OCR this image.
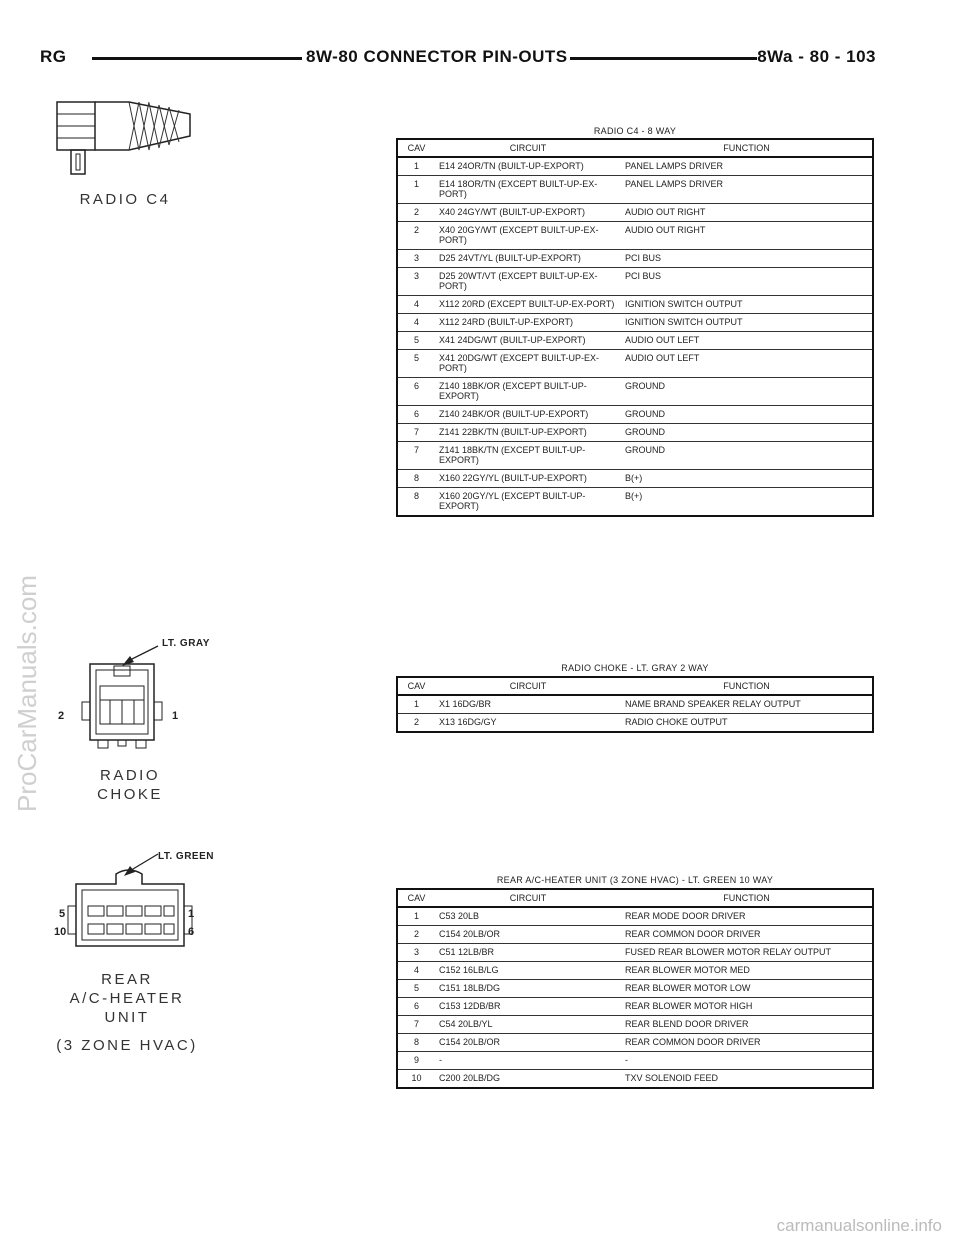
RG	8W-80 CONNECTOR PIN-OUTS	8Wa - 80 - 103
ProCarManuals.com
carmanualsonline.info
RADIO C4
RADIO C4 - 8 WAY
CAV	CIRCUIT	FUNCTION
1	E14 24OR/TN (BUILT-UP-EXPORT)	PANEL LAMPS DRIVER
1	E14 18OR/TN (EXCEPT BUILT-UP-EX-PORT)	PANEL LAMPS DRIVER
2	X40 24GY/WT (BUILT-UP-EXPORT)	AUDIO OUT RIGHT
2	X40 20GY/WT (EXCEPT BUILT-UP-EX-PORT)	AUDIO OUT RIGHT
3	D25 24VT/YL (BUILT-UP-EXPORT)	PCI BUS
3	D25 20WT/VT (EXCEPT BUILT-UP-EX-PORT)	PCI BUS
4	X112 20RD (EXCEPT BUILT-UP-EX-PORT)	IGNITION SWITCH OUTPUT
4	X112 24RD (BUILT-UP-EXPORT)	IGNITION SWITCH OUTPUT
5	X41 24DG/WT (BUILT-UP-EXPORT)	AUDIO OUT LEFT
5	X41 20DG/WT (EXCEPT BUILT-UP-EX-PORT)	AUDIO OUT LEFT
6	Z140 18BK/OR (EXCEPT BUILT-UP-EXPORT)	GROUND
6	Z140 24BK/OR (BUILT-UP-EXPORT)	GROUND
7	Z141 22BK/TN (BUILT-UP-EXPORT)	GROUND
7	Z141 18BK/TN (EXCEPT BUILT-UP-EXPORT)	GROUND
8	X160 22GY/YL (BUILT-UP-EXPORT)	B(+)
8	X160 20GY/YL (EXCEPT BUILT-UP-EXPORT)	B(+)
LT. GRAY
2	1
RADIO
CHOKE
RADIO CHOKE - LT. GRAY 2 WAY
CAV	CIRCUIT	FUNCTION
1	X1 16DG/BR	NAME BRAND SPEAKER RELAY OUTPUT
2	X13 16DG/GY	RADIO CHOKE OUTPUT
LT. GREEN
5
10
1
6
REAR
A/C-HEATER
UNIT
(3 ZONE HVAC)
REAR A/C-HEATER UNIT (3 ZONE HVAC) - LT. GREEN 10 WAY
CAV	CIRCUIT	FUNCTION
1	C53 20LB	REAR MODE DOOR DRIVER
2	C154 20LB/OR	REAR COMMON DOOR DRIVER
3	C51 12LB/BR	FUSED REAR BLOWER MOTOR RELAY OUTPUT
4	C152 16LB/LG	REAR BLOWER MOTOR MED
5	C151 18LB/DG	REAR BLOWER MOTOR LOW
6	C153 12DB/BR	REAR BLOWER MOTOR HIGH
7	C54 20LB/YL	REAR BLEND DOOR DRIVER
8	C154 20LB/OR	REAR COMMON DOOR DRIVER
9	-	-
10	C200 20LB/DG	TXV SOLENOID FEED
